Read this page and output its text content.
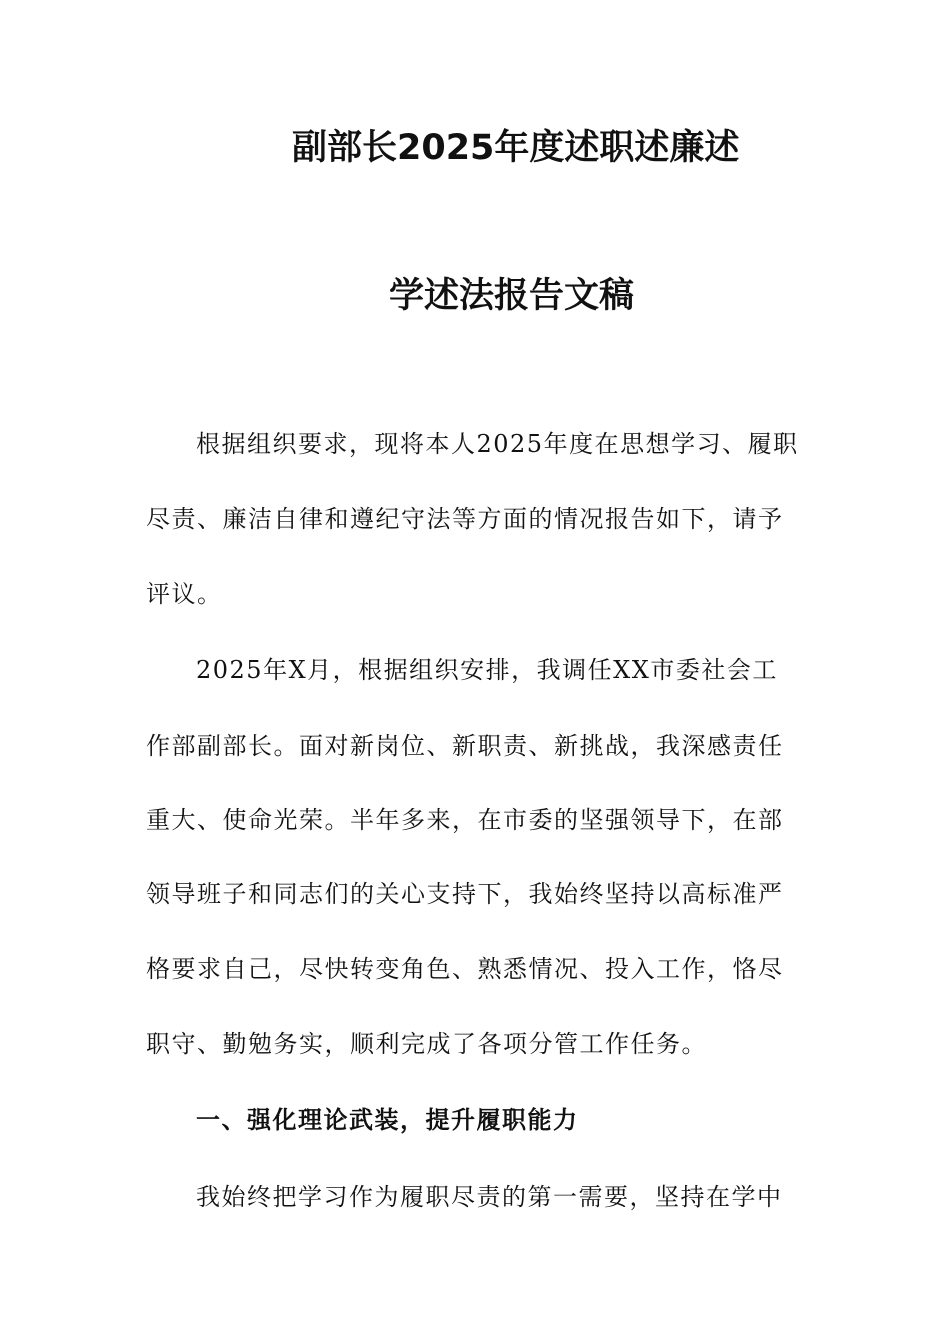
副部长2025年度述职述廉述
学述法报告文稿
根据组织要求，现将本人2025年度在思想学习、履职
尽责、廉洁自律和遵纪守法等方面的情况报告如下，请予
评议。
2025年X月，根据组织安排，我调任XX市委社会工
作部副部长。面对新岗位、新职责、新挑战，我深感责任
重大、使命光荣。半年多来，在市委的坚强领导下，在部
领导班子和同志们的关心支持下，我始终坚持以高标准严
格要求自己，尽快转变角色、熟悉情况、投入工作，恪尽
职守、勤勉务实，顺利完成了各项分管工作任务。
一、强化理论武装，提升履职能力
我始终把学习作为履职尽责的第一需要，坚持在学中
